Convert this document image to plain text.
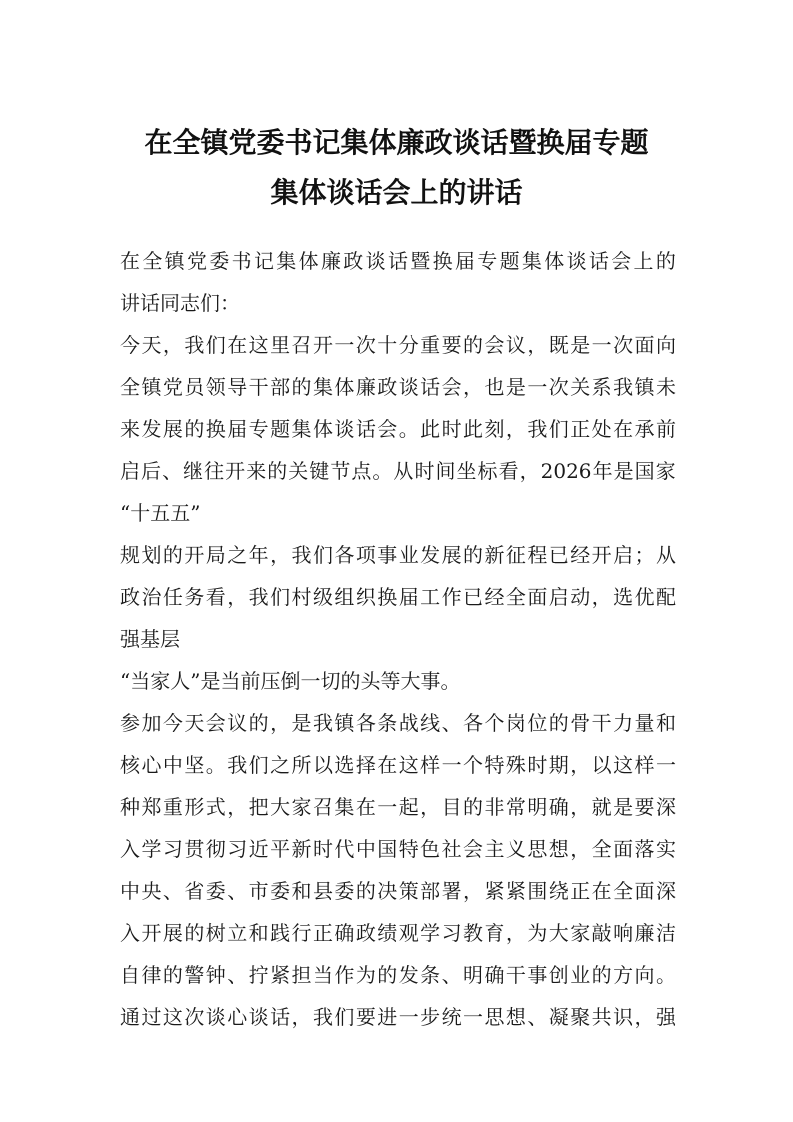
在全镇党委书记集体廉政谈话暨换届专题
集体谈话会上的讲话
在 全 镇 党 委 书 记 集 体 廉 政 谈 话 暨 换 届 专 题 集 体 谈 话 会 上 的
讲话同志们：
今 天 ， 我 们 在 这 里 召 开 一 次 十 分 重 要 的 会 议 ， 既 是 一 次 面 向
全 镇 党 员 领 导 干 部 的 集 体 廉 政 谈 话 会 ， 也 是 一 次 关 系 我 镇 未
来 发 展 的 换 届 专 题 集 体 谈 话 会 。 此 时 此 刻 ， 我 们 正 处 在 承 前
启 后 、 继 往 开 来 的 关 键 节 点 。 从 时 间 坐 标 看 ， 2026 年 是 国 家
“十五五”
规 划 的 开 局 之 年 ， 我 们 各 项 事 业 发 展 的 新 征 程 已 经 开 启 ； 从
政 治 任 务 看 ， 我 们 村 级 组 织 换 届 工 作 已 经 全 面 启 动 ， 选 优 配
强基层
“当家人”是当前压倒一切的头等大事。
参 加 今 天 会 议 的 ， 是 我 镇 各 条 战 线 、 各 个 岗 位 的 骨 干 力 量 和
核 心 中 坚 。 我 们 之 所 以 选 择 在 这 样 一 个 特 殊 时 期 ， 以 这 样 一
种 郑 重 形 式 ， 把 大 家 召 集 在 一 起 ， 目 的 非 常 明 确 ， 就 是 要 深
入 学 习 贯 彻 习 近 平 新 时 代 中 国 特 色 社 会 主 义 思 想 ， 全 面 落 实
中 央 、 省 委 、 市 委 和 县 委 的 决 策 部 署 ， 紧 紧 围 绕 正 在 全 面 深
入 开 展 的 树 立 和 践 行 正 确 政 绩 观 学 习 教 育 ， 为 大 家 敲 响 廉 洁
自 律 的 警 钟 、 拧 紧 担 当 作 为 的 发 条 、 明 确 干 事 创 业 的 方 向 。
通 过 这 次 谈 心 谈 话 ， 我 们 要 进 一 步 统 一 思 想 、 凝 聚 共 识 ， 强
